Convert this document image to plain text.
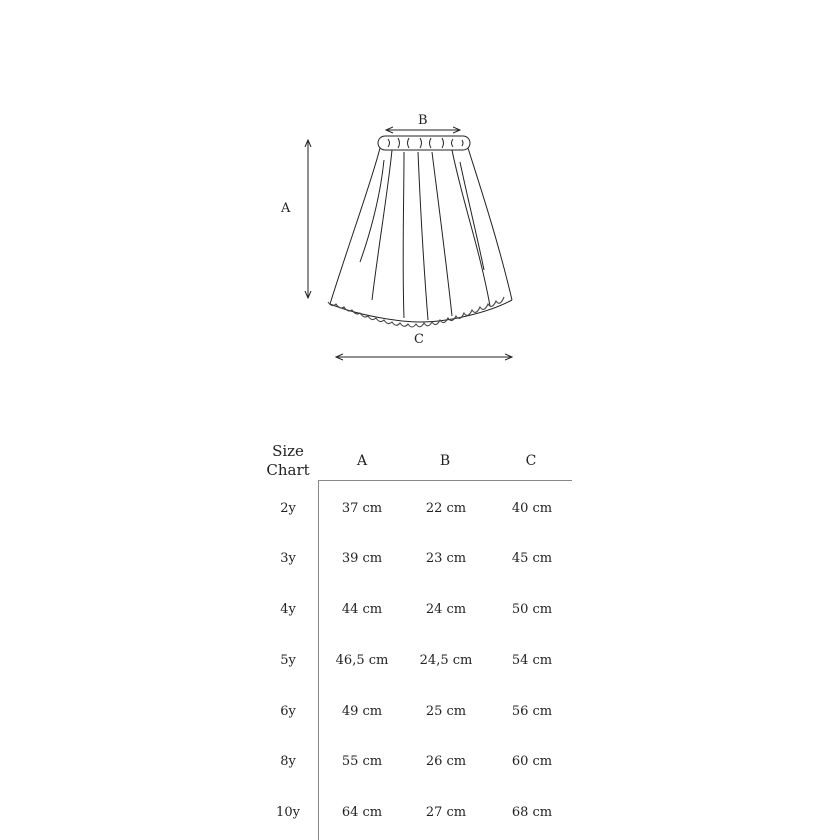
A
B
C
Size Chart	A	B	C
2y	37 cm	22 cm	40 cm
3y	39 cm	23 cm	45 cm
4y	44 cm	24 cm	50 cm
5y	46,5 cm	24,5 cm	54 cm
6y	49 cm	25 cm	56 cm
8y	55 cm	26 cm	60 cm
10y	64 cm	27 cm	68 cm
